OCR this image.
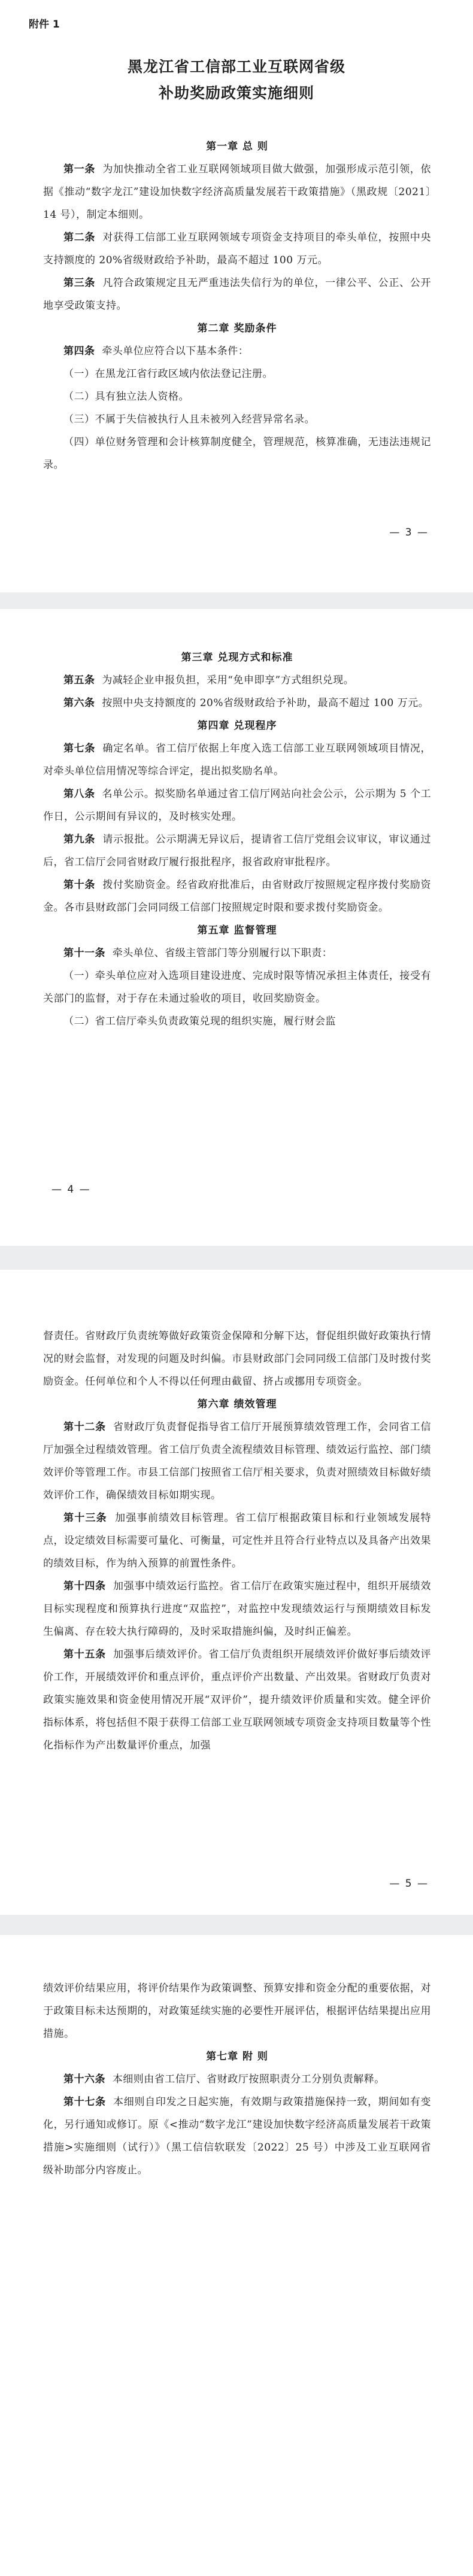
附件 1
黑龙江省工信部工业互联网省级
补助奖励政策实施细则
第一章 总 则

第一条 为加快推动全省工业互联网领域项目做大做强，加强形成示范引领，依据《推动“数字龙江”建设加快数字经济高质量发展若干政策措施》（黑政规〔2021〕14 号），制定本细则。

第二条 对获得工信部工业互联网领域专项资金支持项目的牵头单位，按照中央支持额度的 20%省级财政给予补助，最高不超过 100 万元。

第三条 凡符合政策规定且无严重违法失信行为的单位，一律公平、公正、公开地享受政策支持。

第二章 奖励条件

第四条 牵头单位应符合以下基本条件：

（一）在黑龙江省行政区域内依法登记注册。

（二）具有独立法人资格。

（三）不属于失信被执行人且未被列入经营异常名录。

（四）单位财务管理和会计核算制度健全，管理规范，核算准确，无违法违规记录。

— 3 —
第三章 兑现方式和标准

第五条 为减轻企业申报负担，采用“免申即享”方式组织兑现。

第六条 按照中央支持额度的 20%省级财政给予补助，最高不超过 100 万元。

第四章 兑现程序

第七条 确定名单。省工信厅依据上年度入选工信部工业互联网领域项目情况，对牵头单位信用情况等综合评定，提出拟奖励名单。

第八条 名单公示。拟奖励名单通过省工信厅网站向社会公示，公示期为 5 个工作日，公示期间有异议的，及时核实处理。

第九条 请示报批。公示期满无异议后，提请省工信厅党组会议审议，审议通过后，省工信厅会同省财政厅履行报批程序，报省政府审批程序。

第十条 拨付奖励资金。经省政府批准后，由省财政厅按照规定程序拨付奖励资金。各市县财政部门会同同级工信部门按照规定时限和要求拨付奖励资金。

第五章 监督管理

第十一条 牵头单位、省级主管部门等分别履行以下职责：

（一）牵头单位应对入选项目建设进度、完成时限等情况承担主体责任，接受有关部门的监督，对于存在未通过验收的项目，收回奖励资金。

（二）省工信厅牵头负责政策兑现的组织实施，履行财会监

— 4 —

督责任。省财政厅负责统筹做好政策资金保障和分解下达，督促组织做好政策执行情况的财会监督，对发现的问题及时纠偏。市县财政部门会同同级工信部门及时拨付奖励资金。任何单位和个人不得以任何理由截留、挤占或挪用专项资金。

第六章 绩效管理

第十二条 省财政厅负责督促指导省工信厅开展预算绩效管理工作，会同省工信厅加强全过程绩效管理。省工信厅负责全流程绩效目标管理、绩效运行监控、部门绩效评价等管理工作。市县工信部门按照省工信厅相关要求，负责对照绩效目标做好绩效评价工作，确保绩效目标如期实现。

第十三条 加强事前绩效目标管理。省工信厅根据政策目标和行业领域发展特点，设定绩效目标需要可量化、可衡量，可定性并且符合行业特点以及具备产出效果的绩效目标，作为纳入预算的前置性条件。

第十四条 加强事中绩效运行监控。省工信厅在政策实施过程中，组织开展绩效目标实现程度和预算执行进度“双监控”，对监控中发现绩效运行与预期绩效目标发生偏离、存在较大执行障碍的，及时采取措施纠偏，及时纠正偏差。

第十五条 加强事后绩效评价。省工信厅负责组织开展绩效评价做好事后绩效评价工作，开展绩效评价和重点评价，重点评价产出数量、产出效果。省财政厅负责对政策实施效果和资金使用情况开展“双评价”，提升绩效评价质量和实效。健全评价指标体系，将包括但不限于获得工信部工业互联网领域专项资金支持项目数量等个性化指标作为产出数量评价重点，加强

— 5 —

绩效评价结果应用，将评价结果作为政策调整、预算安排和资金分配的重要依据，对于政策目标未达预期的，对政策延续实施的必要性开展评估，根据评估结果提出应用措施。

第七章 附 则

第十六条 本细则由省工信厅、省财政厅按照职责分工分别负责解释。

第十七条 本细则自印发之日起实施，有效期与政策措施保持一致，期间如有变化，另行通知或修订。原《<推动“数字龙江”建设加快数字经济高质量发展若干政策措施>实施细则（试行）》（黑工信信软联发〔2022〕25 号）中涉及工业互联网省级补助部分内容废止。
